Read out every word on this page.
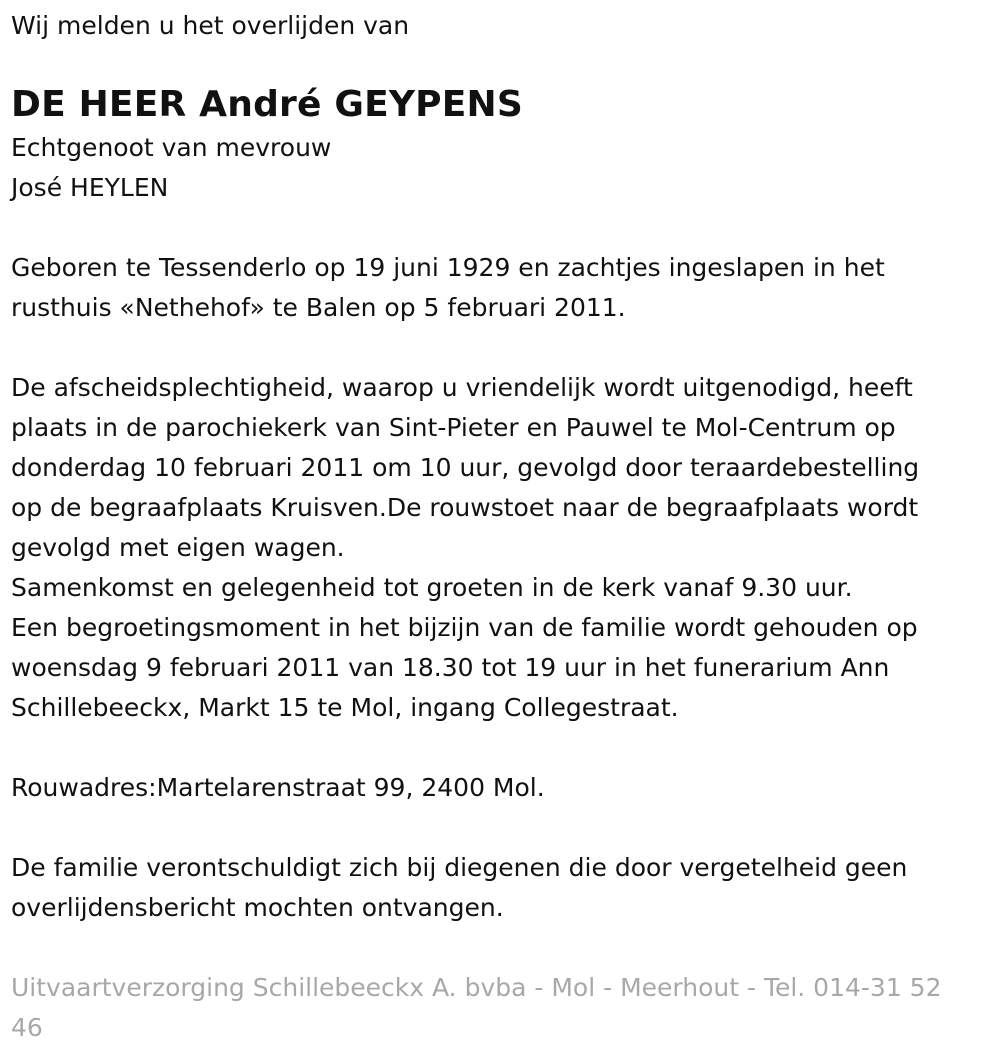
Wij melden u het overlijden van

DE HEER André GEYPENS

Echtgenoot van mevrouw

José HEYLEN

Geboren te Tessenderlo op 19 juni 1929 en zachtjes ingeslapen in het

rusthuis «Nethehof» te Balen op 5 februari 2011.

De afscheidsplechtigheid, waarop u vriendelijk wordt uitgenodigd, heeft

plaats in de parochiekerk van Sint-Pieter en Pauwel te Mol-Centrum op

donderdag 10 februari 2011 om 10 uur, gevolgd door teraardebestelling

op de begraafplaats Kruisven.De rouwstoet naar de begraafplaats wordt

gevolgd met eigen wagen.

Samenkomst en gelegenheid tot groeten in de kerk vanaf 9.30 uur.

Een begroetingsmoment in het bijzijn van de familie wordt gehouden op

woensdag 9 februari 2011 van 18.30 tot 19 uur in het funerarium Ann

Schillebeeckx, Markt 15 te Mol, ingang Collegestraat.

Rouwadres:Martelarenstraat 99, 2400 Mol.

De familie verontschuldigt zich bij diegenen die door vergetelheid geen

overlijdensbericht mochten ontvangen.

Uitvaartverzorging Schillebeeckx A. bvba - Mol - Meerhout - Tel. 014-31 52

46
